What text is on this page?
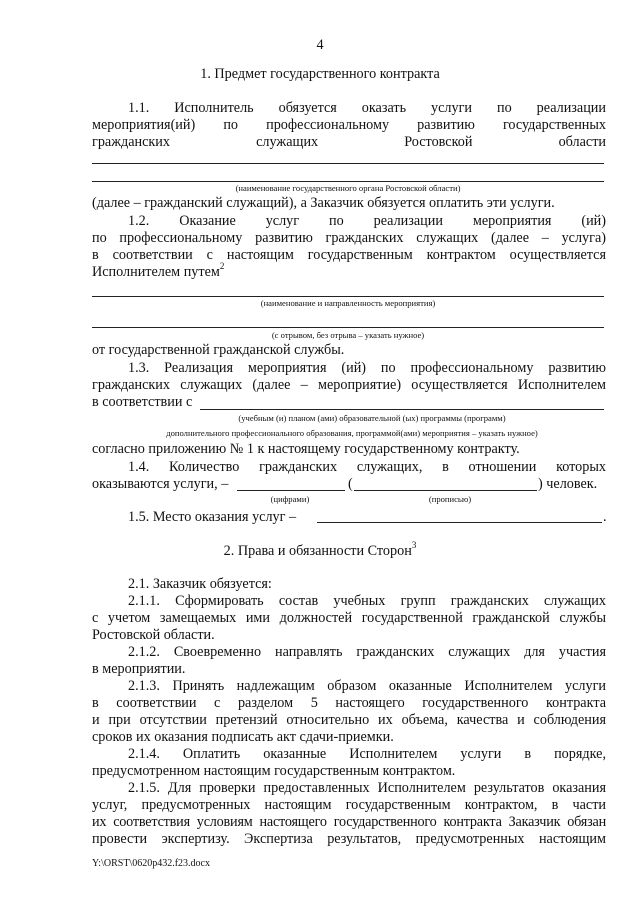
4
1. Предмет государственного контракта
1.1. Исполнитель обязуется оказать услуги по реализации
мероприятия(ий) по профессиональному развитию государственных
гражданских служащих Ростовской области
(наименование государственного органа Ростовской области)
(далее – гражданский служащий), а Заказчик обязуется оплатить эти услуги.
1.2. Оказание услуг по реализации мероприятия (ий)
по профессиональному развитию гражданских служащих (далее – услуга)
в соответствии с настоящим государственным контрактом осуществляется
Исполнителем путем$^2$
(наименование и направленность мероприятия)
(с отрывом, без отрыва – указать нужное)
от государственной гражданской службы.
1.3. Реализация мероприятия (ий) по профессиональному развитию
гражданских служащих (далее – мероприятие) осуществляется Исполнителем
в соответствии с
(учебным (и) планом (ами) образовательной (ых) программы (программ)
дополнительного профессионального образования, программой(ами) мероприятия – указать нужное)
согласно приложению № 1 к настоящему государственному контракту.
1.4. Количество гражданских служащих, в отношении которых
оказываются услуги, –	(	) человек.
(цифрами)	(прописью)
1.5. Место оказания услуг –	.
2. Права и обязанности Сторон$^3$
2.1. Заказчик обязуется:
2.1.1. Сформировать состав учебных групп гражданских служащих
с учетом замещаемых ими должностей государственной гражданской службы
Ростовской области.
2.1.2. Своевременно направлять гражданских служащих для участия
в мероприятии.
2.1.3. Принять надлежащим образом оказанные Исполнителем услуги
в соответствии с разделом 5 настоящего государственного контракта
и при отсутствии претензий относительно их объема, качества и соблюдения
сроков их оказания подписать акт сдачи-приемки.
2.1.4. Оплатить оказанные Исполнителем услуги в порядке,
предусмотренном настоящим государственным контрактом.
2.1.5. Для проверки предоставленных Исполнителем результатов оказания
услуг, предусмотренных настоящим государственным контрактом, в части
их соответствия условиям настоящего государственного контракта Заказчик обязан
провести экспертизу. Экспертиза результатов, предусмотренных настоящим
Y:\ORST\0620p432.f23.docx
